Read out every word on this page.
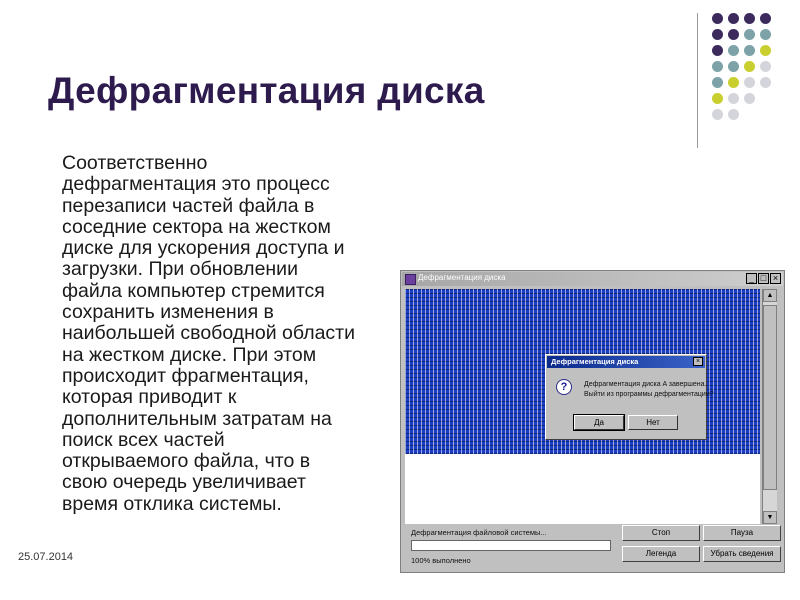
Дефрагментация диска
Соответственно
дефрагментация это процесс
перезаписи частей файла в
соседние сектора на жестком
диске для ускорения доступа и
загрузки. При обновлении
файла компьютер стремится
сохранить изменения в
наибольшей свободной области
на жестком диске. При этом
происходит фрагментация,
которая приводит к
дополнительным затратам на
поиск всех частей
открываемого файла, что в
свою очередь увеличивает
время отклика системы.
25.07.2014
Дефрагментация диска	_ □ ×
▲
▼
Дефрагментация файловой системы...
100% выполнено
Стоп	Пауза
Легенда	Убрать сведения
Дефрагментация диска	×
?	Дефрагментация диска A завершена.
Выйти из программы дефрагментации?
Да	Нет
